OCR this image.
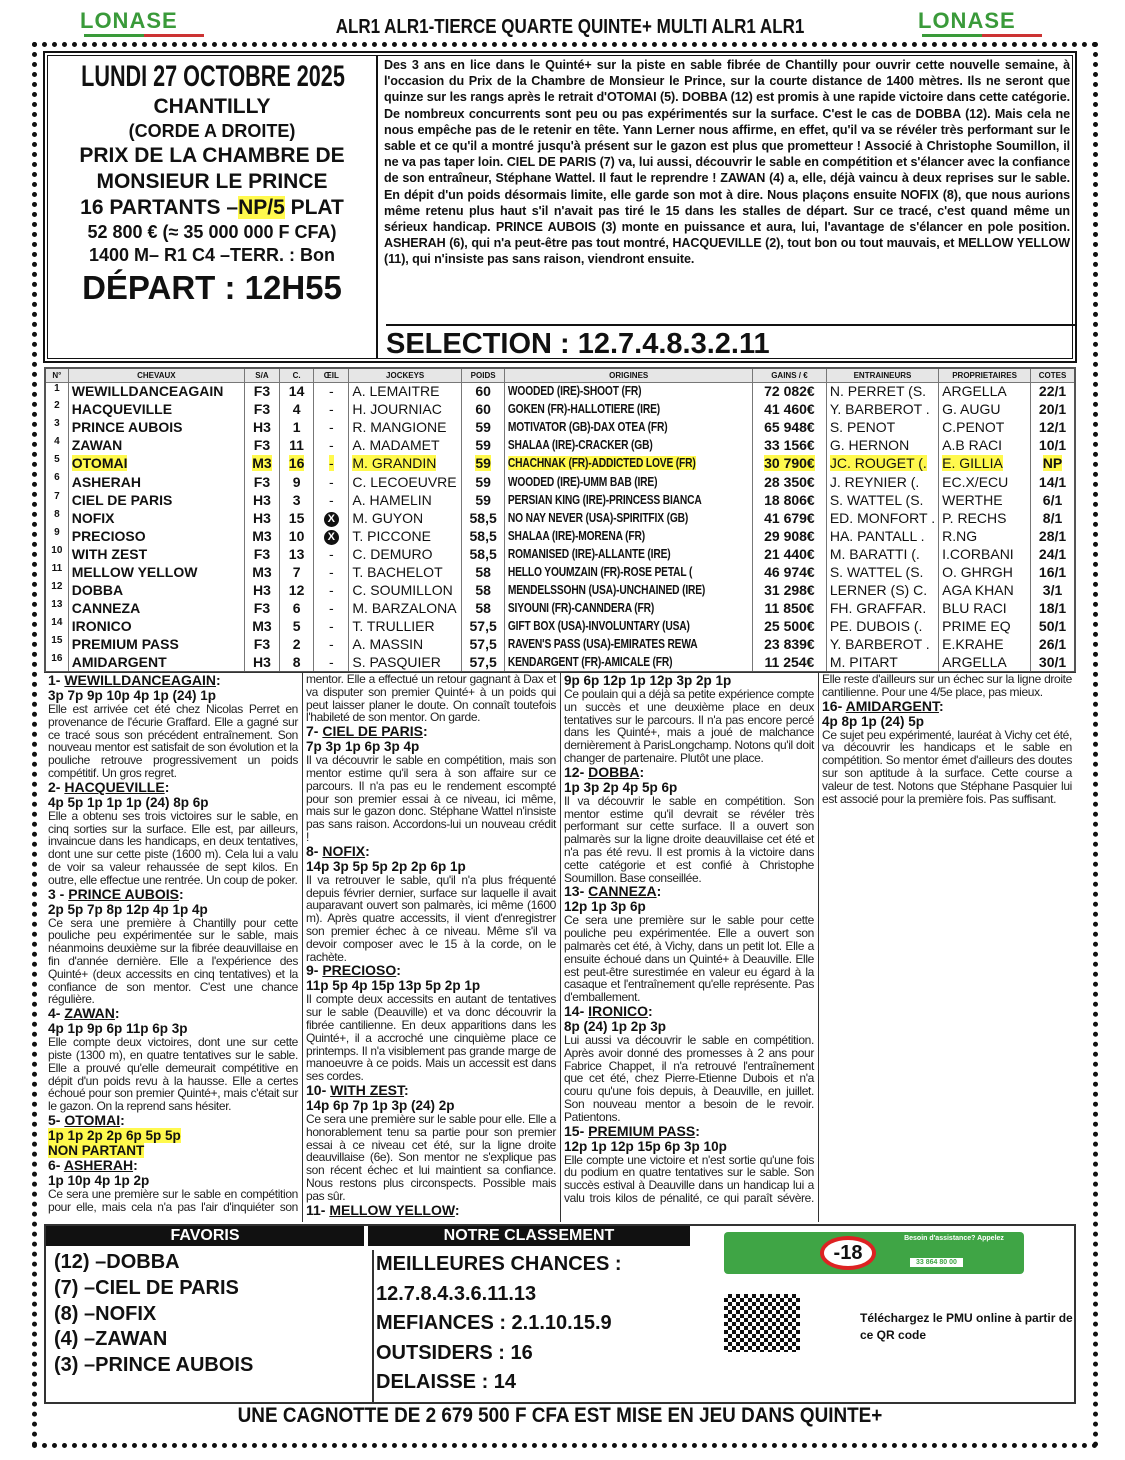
LONASE	LONASE
ALR1 ALR1-TIERCE QUARTE QUINTE+ MULTI ALR1 ALR1
LUNDI 27 OCTOBRE 2025
CHANTILLY
(CORDE A DROITE)
PRIX DE LA CHAMBRE DE
MONSIEUR LE PRINCE
16 PARTANTS –NP/5 PLAT
52 800 € (≈ 35 000 000 F CFA)
1400 M– R1 C4 –TERR. : Bon
DÉPART : 12H55
Des 3 ans en lice dans le Quinté+ sur la piste en sable fibrée de Chantilly pour ouvrir cette nouvelle semaine, à l'occasion du Prix de la Chambre de Monsieur le Prince, sur la courte distance de 1400 mètres. Ils ne seront que quinze sur les rangs après le retrait d'OTOMAI (5). DOBBA (12) est promis à une rapide victoire dans cette catégorie. De nombreux concurrents sont peu ou pas expérimentés sur la surface. C'est le cas de DOBBA (12). Mais cela ne nous empêche pas de le retenir en tête. Yann Lerner nous affirme, en effet, qu'il va se révéler très performant sur le sable et ce qu'il a montré jusqu'à présent sur le gazon est plus que prometteur ! Associé à Christophe Soumillon, il ne va pas taper loin. CIEL DE PARIS (7) va, lui aussi, découvrir le sable en compétition et s'élancer avec la confiance de son entraîneur, Stéphane Wattel. Il faut le reprendre ! ZAWAN (4) a, elle, déjà vaincu à deux reprises sur le sable. En dépit d'un poids désormais limite, elle garde son mot à dire. Nous plaçons ensuite NOFIX (8), que nous aurions même retenu plus haut s'il n'avait pas tiré le 15 dans les stalles de départ. Sur ce tracé, c'est quand même un sérieux handicap. PRINCE AUBOIS (3) monte en puissance et aura, lui, l'avantage de s'élancer en pole position. ASHERAH (6), qui n'a peut-être pas tout montré, HACQUEVILLE (2), tout bon ou tout mauvais, et MELLOW YELLOW (11), qui n'insiste pas sans raison, viendront ensuite.
SELECTION : 12.7.4.8.3.2.11
N°	CHEVAUX	S/A	C.	ŒIL	JOCKEYS	POIDS	ORIGINES	GAINS / €	ENTRAINEURS	PROPRIETAIRES	COTES
1	WEWILLDANCEAGAIN	F3	14	-	A. LEMAITRE	60	WOODED (IRE)-SHOOT (FR)	72 082€	N. PERRET (S.	ARGELLA	22/1
2	HACQUEVILLE	F3	4	-	H. JOURNIAC	60	GOKEN (FR)-HALLOTIERE (IRE)	41 460€	Y. BARBEROT .	G. AUGU	20/1
3	PRINCE AUBOIS	H3	1	-	R. MANGIONE	59	MOTIVATOR (GB)-DAX OTEA (FR)	65 948€	S. PENOT	C.PENOT	12/1
4	ZAWAN	F3	11	-	A. MADAMET	59	SHALAA (IRE)-CRACKER (GB)	33 156€	G. HERNON	A.B RACI	10/1
5	OTOMAI	M3	16	-	M. GRANDIN	59	CHACHNAK (FR)-ADDICTED LOVE (FR)	30 790€	JC. ROUGET (.	E. GILLIA	NP
6	ASHERAH	F3	9	-	C. LECOEUVRE	59	WOODED (IRE)-UMM BAB (IRE)	28 350€	J. REYNIER (.	EC.X/ECU	14/1
7	CIEL DE PARIS	H3	3	-	A. HAMELIN	59	PERSIAN KING (IRE)-PRINCESS BIANCA	18 806€	S. WATTEL (S.	WERTHE	6/1
8	NOFIX	H3	15	X	M. GUYON	58,5	NO NAY NEVER (USA)-SPIRITFIX (GB)	41 679€	ED. MONFORT .	P. RECHS	8/1
9	PRECIOSO	M3	10	X	T. PICCONE	58,5	SHALAA (IRE)-MORENA (FR)	29 908€	HA. PANTALL .	R.NG	28/1
10	WITH ZEST	F3	13	-	C. DEMURO	58,5	ROMANISED (IRE)-ALLANTE (IRE)	21 440€	M. BARATTI (.	I.CORBANI	24/1
11	MELLOW YELLOW	M3	7	-	T. BACHELOT	58	HELLO YOUMZAIN (FR)-ROSE PETAL (	46 974€	S. WATTEL (S.	O. GHRGH	16/1
12	DOBBA	H3	12	-	C. SOUMILLON	58	MENDELSSOHN (USA)-UNCHAINED (IRE)	31 298€	LERNER (S) C.	AGA KHAN	3/1
13	CANNEZA	F3	6	-	M. BARZALONA	58	SIYOUNI (FR)-CANNDERA (FR)	11 850€	FH. GRAFFAR.	BLU RACI	18/1
14	IRONICO	M3	5	-	T. TRULLIER	57,5	GIFT BOX (USA)-INVOLUNTARY (USA)	25 500€	PE. DUBOIS (.	PRIME EQ	50/1
15	PREMIUM PASS	F3	2	-	A. MASSIN	57,5	RAVEN'S PASS (USA)-EMIRATES REWA	23 839€	Y. BARBEROT .	E.KRAHE	26/1
16	AMIDARGENT	H3	8	-	S. PASQUIER	57,5	KENDARGENT (FR)-AMICALE (FR)	11 254€	M. PITART	ARGELLA	30/1
1- WEWILLDANCEAGAIN:
3p 7p 9p 10p 4p 1p (24) 1p
Elle est arrivée cet été chez Nicolas Perret en provenance de l'écurie Graffard. Elle a gagné sur ce tracé sous son précédent entraînement. Son nouveau mentor est satisfait de son évolution et la pouliche retrouve progressivement un poids compétitif. Un gros regret.
2- HACQUEVILLE:
4p 5p 1p 1p 1p (24) 8p 6p
Elle a obtenu ses trois victoires sur le sable, en cinq sorties sur la surface. Elle est, par ailleurs, invaincue dans les handicaps, en deux tentatives, dont une sur cette piste (1600 m). Cela lui a valu de voir sa valeur rehaussée de sept kilos. En outre, elle effectue une rentrée. Un coup de poker.
3 - PRINCE AUBOIS:
2p 5p 7p 8p 12p 4p 1p 4p
Ce sera une première à Chantilly pour cette pouliche peu expérimentée sur le sable, mais néanmoins deuxième sur la fibrée deauvillaise en fin d'année dernière. Elle a l'expérience des Quinté+ (deux accessits en cinq tentatives) et la confiance de son mentor. C'est une chance régulière.
4- ZAWAN:
4p 1p 9p 6p 11p 6p 3p
Elle compte deux victoires, dont une sur cette piste (1300 m), en quatre tentatives sur le sable. Elle a prouvé qu'elle demeurait compétitive en dépit d'un poids revu à la hausse. Elle a certes échoué pour son premier Quinté+, mais c'était sur le gazon. On la reprend sans hésiter.
5- OTOMAI:
1p 1p 2p 2p 6p 5p 5p
NON PARTANT
6- ASHERAH:
1p 10p 4p 1p 2p
Ce sera une première sur le sable en compétition pour elle, mais cela n'a pas l'air d'inquiéter son mentor. Elle a effectué un retour gagnant à Dax et va disputer son premier Quinté+ à un poids qui peut laisser planer le doute. On connaît toutefois l'habileté de son mentor. On garde.
7- CIEL DE PARIS:
7p 3p 1p 6p 3p 4p
Il va découvrir le sable en compétition, mais son mentor estime qu'il sera à son affaire sur ce parcours. Il n'a pas eu le rendement escompté pour son premier essai à ce niveau, ici même, mais sur le gazon donc. Stéphane Wattel n'insiste pas sans raison. Accordons-lui un nouveau crédit !
8- NOFIX:
14p 3p 5p 5p 2p 2p 6p 1p
Il va retrouver le sable, qu'il n'a plus fréquenté depuis février dernier, surface sur laquelle il avait auparavant ouvert son palmarès, ici même (1600 m). Après quatre accessits, il vient d'enregistrer son premier échec à ce niveau. Même s'il va devoir composer avec le 15 à la corde, on le rachète.
9- PRECIOSO:
11p 5p 4p 15p 13p 5p 2p 1p
Il compte deux accessits en autant de tentatives sur le sable (Deauville) et va donc découvrir la fibrée cantilienne. En deux apparitions dans les Quinté+, il a accroché une cinquième place ce printemps. Il n'a visiblement pas grande marge de manoeuvre à ce poids. Mais un accessit est dans ses cordes.
10- WITH ZEST:
14p 6p 7p 1p 3p (24) 2p
Ce sera une première sur le sable pour elle. Elle a honorablement tenu sa partie pour son premier essai à ce niveau cet été, sur la ligne droite deauvillaise (6e). Son mentor ne s'explique pas son récent échec et lui maintient sa confiance. Nous restons plus circonspects. Possible mais pas sûr.
11- MELLOW YELLOW:
9p 6p 12p 1p 12p 3p 2p 1p
Ce poulain qui a déjà sa petite expérience compte un succès et une deuxième place en deux tentatives sur le parcours. Il n'a pas encore percé dans les Quinté+, mais a joué de malchance dernièrement à ParisLongchamp. Notons qu'il doit changer de partenaire. Plutôt une place.
12- DOBBA:
1p 3p 2p 4p 5p 6p
Il va découvrir le sable en compétition. Son mentor estime qu'il devrait se révéler très performant sur cette surface. Il a ouvert son palmarès sur la ligne droite deauvillaise cet été et n'a pas été revu. Il est promis à la victoire dans cette catégorie et est confié à Christophe Soumillon. Base conseillée.
13- CANNEZA:
12p 1p 3p 6p
Ce sera une première sur le sable pour cette pouliche peu expérimentée. Elle a ouvert son palmarès cet été, à Vichy, dans un petit lot. Elle a ensuite échoué dans un Quinté+ à Deauville. Elle est peut-être surestimée en valeur eu égard à la casaque et l'entraînement qu'elle représente. Pas d'emballement.
14- IRONICO:
8p (24) 1p 2p 3p
Lui aussi va découvrir le sable en compétition. Après avoir donné des promesses à 2 ans pour Fabrice Chappet, il n'a retrouvé l'entraînement que cet été, chez Pierre-Etienne Dubois et n'a couru qu'une fois depuis, à Deauville, en juillet. Son nouveau mentor a besoin de le revoir. Patientons.
15- PREMIUM PASS:
12p 1p 12p 15p 6p 3p 10p
Elle compte une victoire et n'est sortie qu'une fois du podium en quatre tentatives sur le sable. Son succès estival à Deauville dans un handicap lui a valu trois kilos de pénalité, ce qui paraît sévère. Elle reste d'ailleurs sur un échec sur la ligne droite cantilienne. Pour une 4/5e place, pas mieux.
16- AMIDARGENT:
4p 8p 1p (24) 5p
Ce sujet peu expérimenté, lauréat à Vichy cet été, va découvrir les handicaps et le sable en compétition. So mentor émet d'ailleurs des doutes sur son aptitude à la surface. Cette course a valeur de test. Notons que Stéphane Pasquier lui est associé pour la première fois. Pas suffisant.
FAVORIS	NOTRE CLASSEMENT
(12) –DOBBA
(7) –CIEL DE PARIS
(8) –NOFIX
(4) –ZAWAN
(3) –PRINCE AUBOIS
MEILLEURES CHANCES :
12.7.8.4.3.6.11.13
MEFIANCES : 2.1.10.15.9
OUTSIDERS : 16
DELAISSE : 14
-18
Besoin d'assistance? Appelez
33 864 80 00
Téléchargez le PMU online à partir de ce QR code
UNE CAGNOTTE DE 2 679 500 F CFA EST MISE EN JEU DANS QUINTE+
